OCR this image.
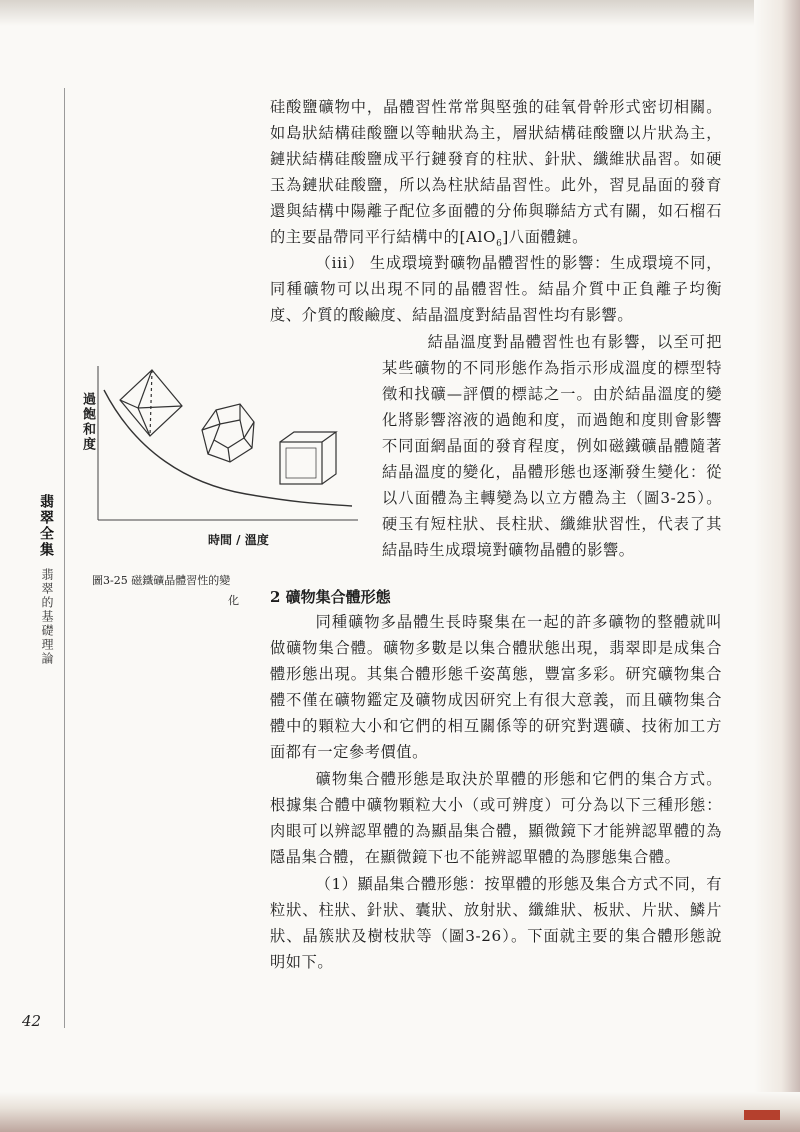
翡翠全集
翡翠的基礎理論
42
硅酸鹽礦物中，晶體習性常常與堅強的硅氧骨幹形式密切相關。如島狀結構硅酸鹽以等軸狀為主，層狀結構硅酸鹽以片狀為主，鏈狀結構硅酸鹽成平行鏈發育的柱狀、針狀、纖維狀晶習。如硬玉為鏈狀硅酸鹽，所以為柱狀結晶習性。此外，習見晶面的發育還與結構中陽離子配位多面體的分佈與聯結方式有關，如石榴石的主要晶帶同平行結構中的[AlO$_6$]八面體鏈。
（iii） 生成環境對礦物晶體習性的影響：生成環境不同，同種礦物可以出現不同的晶體習性。結晶介質中正負離子均衡度、介質的酸鹼度、結晶溫度對結晶習性均有影響。
結晶溫度對晶體習性也有影響，以至可把某些礦物的不同形態作為指示形成溫度的標型特徵和找礦—評價的標誌之一。由於結晶溫度的變化將影響溶液的過飽和度，而過飽和度則會影響不同面網晶面的發育程度，例如磁鐵礦晶體隨著結晶溫度的變化，晶體形態也逐漸發生變化：從以八面體為主轉變為以立方體為主（圖3-25）。硬玉有短柱狀、長柱狀、纖維狀習性，代表了其結晶時生成環境對礦物晶體的影響。
過飽和度
時間 / 溫度
圖3-25 磁鐵礦晶體習性的變
化 2 礦物集合體形態
同種礦物多晶體生長時聚集在一起的許多礦物的整體就叫做礦物集合體。礦物多數是以集合體狀態出現，翡翠即是成集合體形態出現。其集合體形態千姿萬態，豐富多彩。研究礦物集合體不僅在礦物鑑定及礦物成因研究上有很大意義，而且礦物集合體中的顆粒大小和它們的相互關係等的研究對選礦、技術加工方面都有一定參考價值。
礦物集合體形態是取決於單體的形態和它們的集合方式。根據集合體中礦物顆粒大小（或可辨度）可分為以下三種形態：肉眼可以辨認單體的為顯晶集合體，顯微鏡下才能辨認單體的為隱晶集合體，在顯微鏡下也不能辨認單體的為膠態集合體。
（1）顯晶集合體形態：按單體的形態及集合方式不同，有粒狀、柱狀、針狀、囊狀、放射狀、纖維狀、板狀、片狀、鱗片狀、晶簇狀及樹枝狀等（圖3-26）。下面就主要的集合體形態說明如下。
